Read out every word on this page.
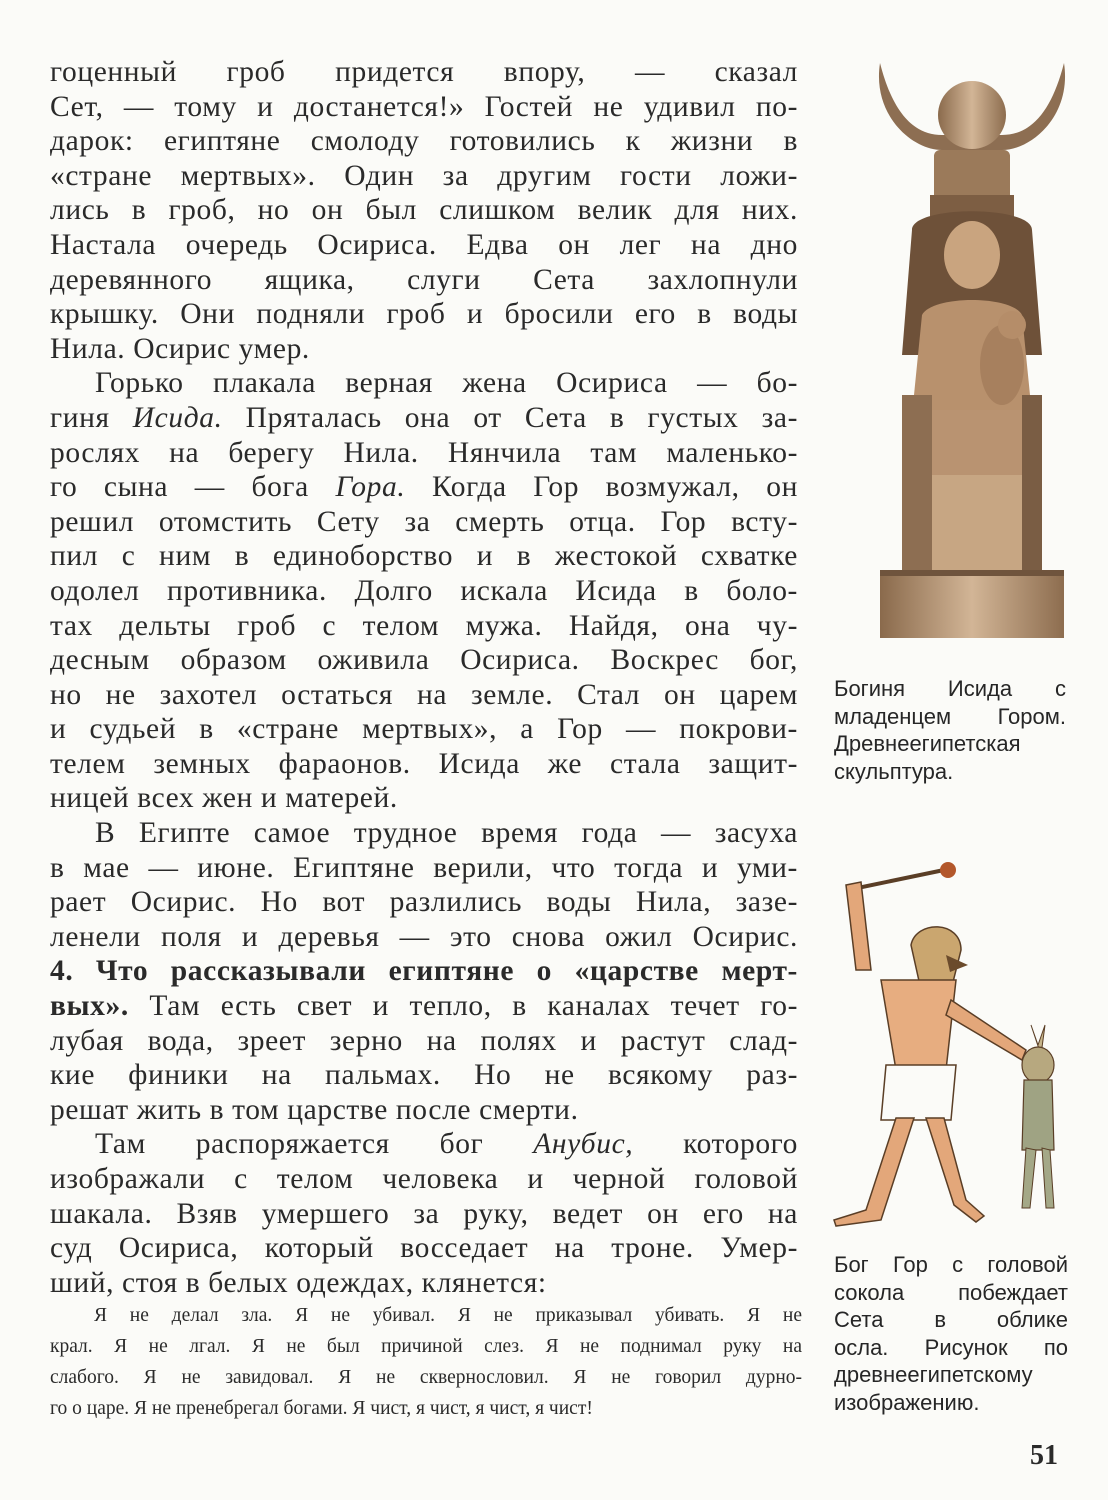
гоценный гроб придется впору, — сказал
Сет, — тому и достанется!» Гостей не удивил по-
дарок: египтяне смолоду готовились к жизни в
«стране мертвых». Один за другим гости ложи-
лись в гроб, но он был слишком велик для них.
Настала очередь Осириса. Едва он лег на дно
деревянного ящика, слуги Сета захлопнули
крышку. Они подняли гроб и бросили его в воды
Нила. Осирис умер.
Горько плакала верная жена Осириса — бо-
гиня Исида. Пряталась она от Сета в густых за-
рослях на берегу Нила. Нянчила там маленько-
го сына — бога Гора. Когда Гор возмужал, он
решил отомстить Сету за смерть отца. Гор всту-
пил с ним в единоборство и в жестокой схватке
одолел противника. Долго искала Исида в боло-
тах дельты гроб с телом мужа. Найдя, она чу-
десным образом оживила Осириса. Воскрес бог,
но не захотел остаться на земле. Стал он царем
и судьей в «стране мертвых», а Гор — покрови-
телем земных фараонов. Исида же стала защит-
ницей всех жен и матерей.
В Египте самое трудное время года — засуха
в мае — июне. Египтяне верили, что тогда и уми-
рает Осирис. Но вот разлились воды Нила, зазе-
ленели поля и деревья — это снова ожил Осирис.
4. Что рассказывали египтяне о «царстве мерт-
вых». Там есть свет и тепло, в каналах течет го-
лубая вода, зреет зерно на полях и растут слад-
кие финики на пальмах. Но не всякому раз-
решат жить в том царстве после смерти.
Там распоряжается бог Анубис, которого
изображали с телом человека и черной головой
шакала. Взяв умершего за руку, ведет он его на
суд Осириса, который восседает на троне. Умер-
ший, стоя в белых одеждах, клянется:
Я не делал зла. Я не убивал. Я не приказывал убивать. Я не
крал. Я не лгал. Я не был причиной слез. Я не поднимал руку на
слабого. Я не завидовал. Я не сквернословил. Я не говорил дурно-
го о царе. Я не пренебрегал богами. Я чист, я чист, я чист, я чист!
Богиня Исида с
младенцем Гором.
Древнеегипетская
скульптура.
Бог Гор с головой
сокола побеждает
Сета в облике
осла. Рисунок по
древнеегипетскому
изображению.
51
